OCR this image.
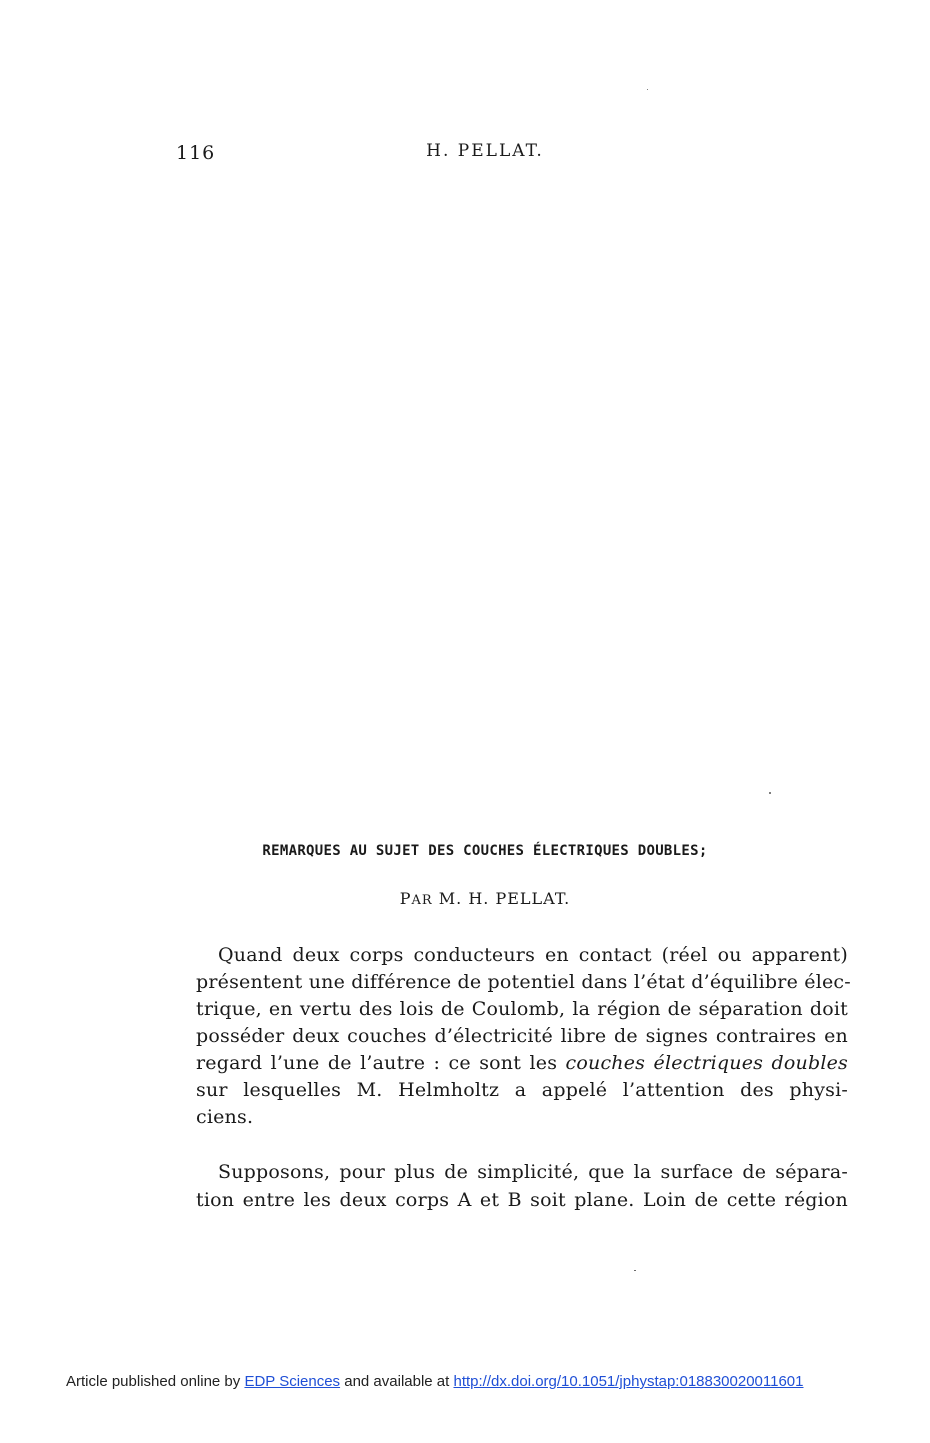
116	H. PELLAT.
REMARQUES AU SUJET DES COUCHES ÉLECTRIQUES DOUBLES;
PAR M. H. PELLAT.
Quand deux corps conducteurs en contact (réel ou apparent)
présentent une différence de potentiel dans l’état d’équilibre élec-
trique, en vertu des lois de Coulomb, la région de séparation doit
posséder deux couches d’électricité libre de signes contraires en
regard l’une de l’autre : ce sont les couches électriques doubles
sur lesquelles M. Helmholtz a appelé l’attention des physi-
ciens.
Supposons, pour plus de simplicité, que la surface de sépara-
tion entre les deux corps A et B soit plane. Loin de cette région
Article published online by EDP Sciences and available at http://dx.doi.org/10.1051/jphystap:018830020011601
